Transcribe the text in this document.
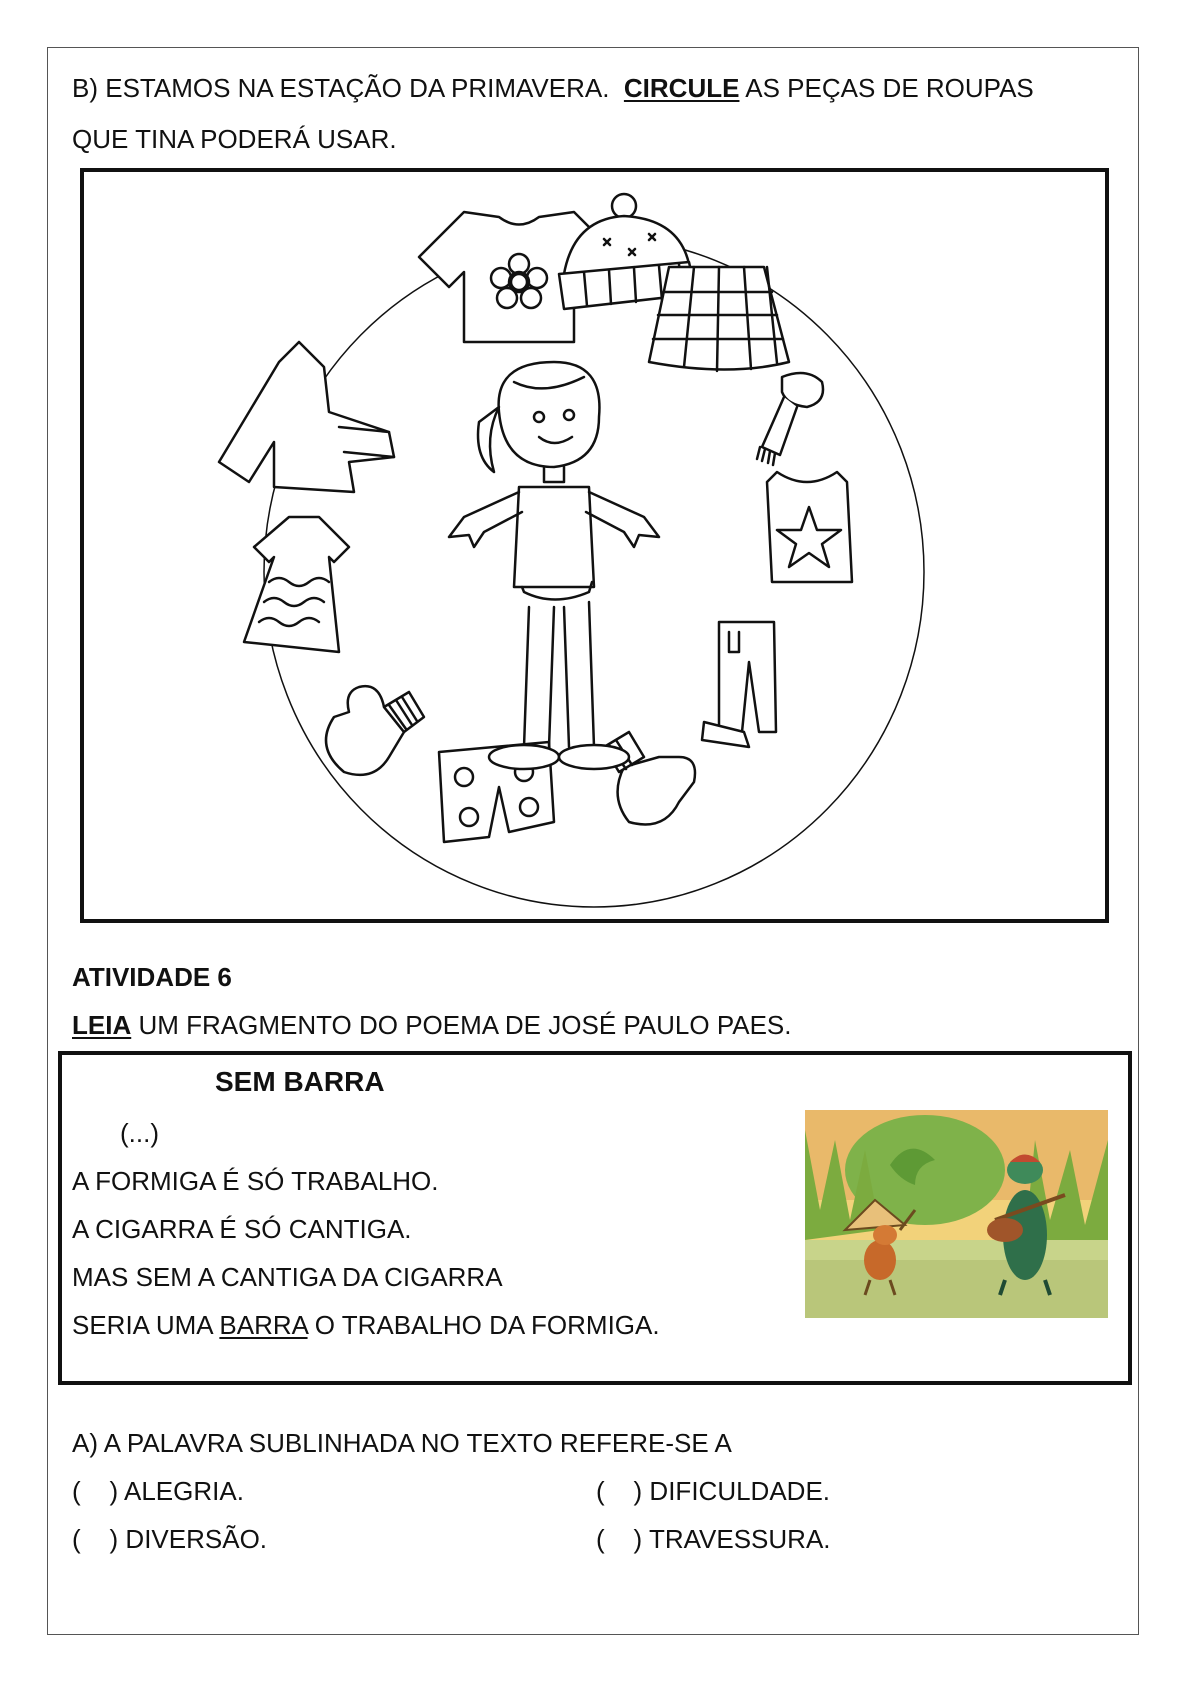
B) ESTAMOS NA ESTAÇÃO DA PRIMAVERA. CIRCULE AS PEÇAS DE ROUPAS
QUE TINA PODERÁ USAR.
ATIVIDADE 6
LEIA UM FRAGMENTO DO POEMA DE JOSÉ PAULO PAES.
SEM BARRA
(...)
A FORMIGA É SÓ TRABALHO.
A CIGARRA É SÓ CANTIGA.
MAS SEM A CANTIGA DA CIGARRA
SERIA UMA BARRA O TRABALHO DA FORMIGA.
A) A PALAVRA SUBLINHADA NO TEXTO REFERE-SE A
(    ) ALEGRIA.	(    ) DIFICULDADE.
(    ) DIVERSÃO.	(    ) TRAVESSURA.
